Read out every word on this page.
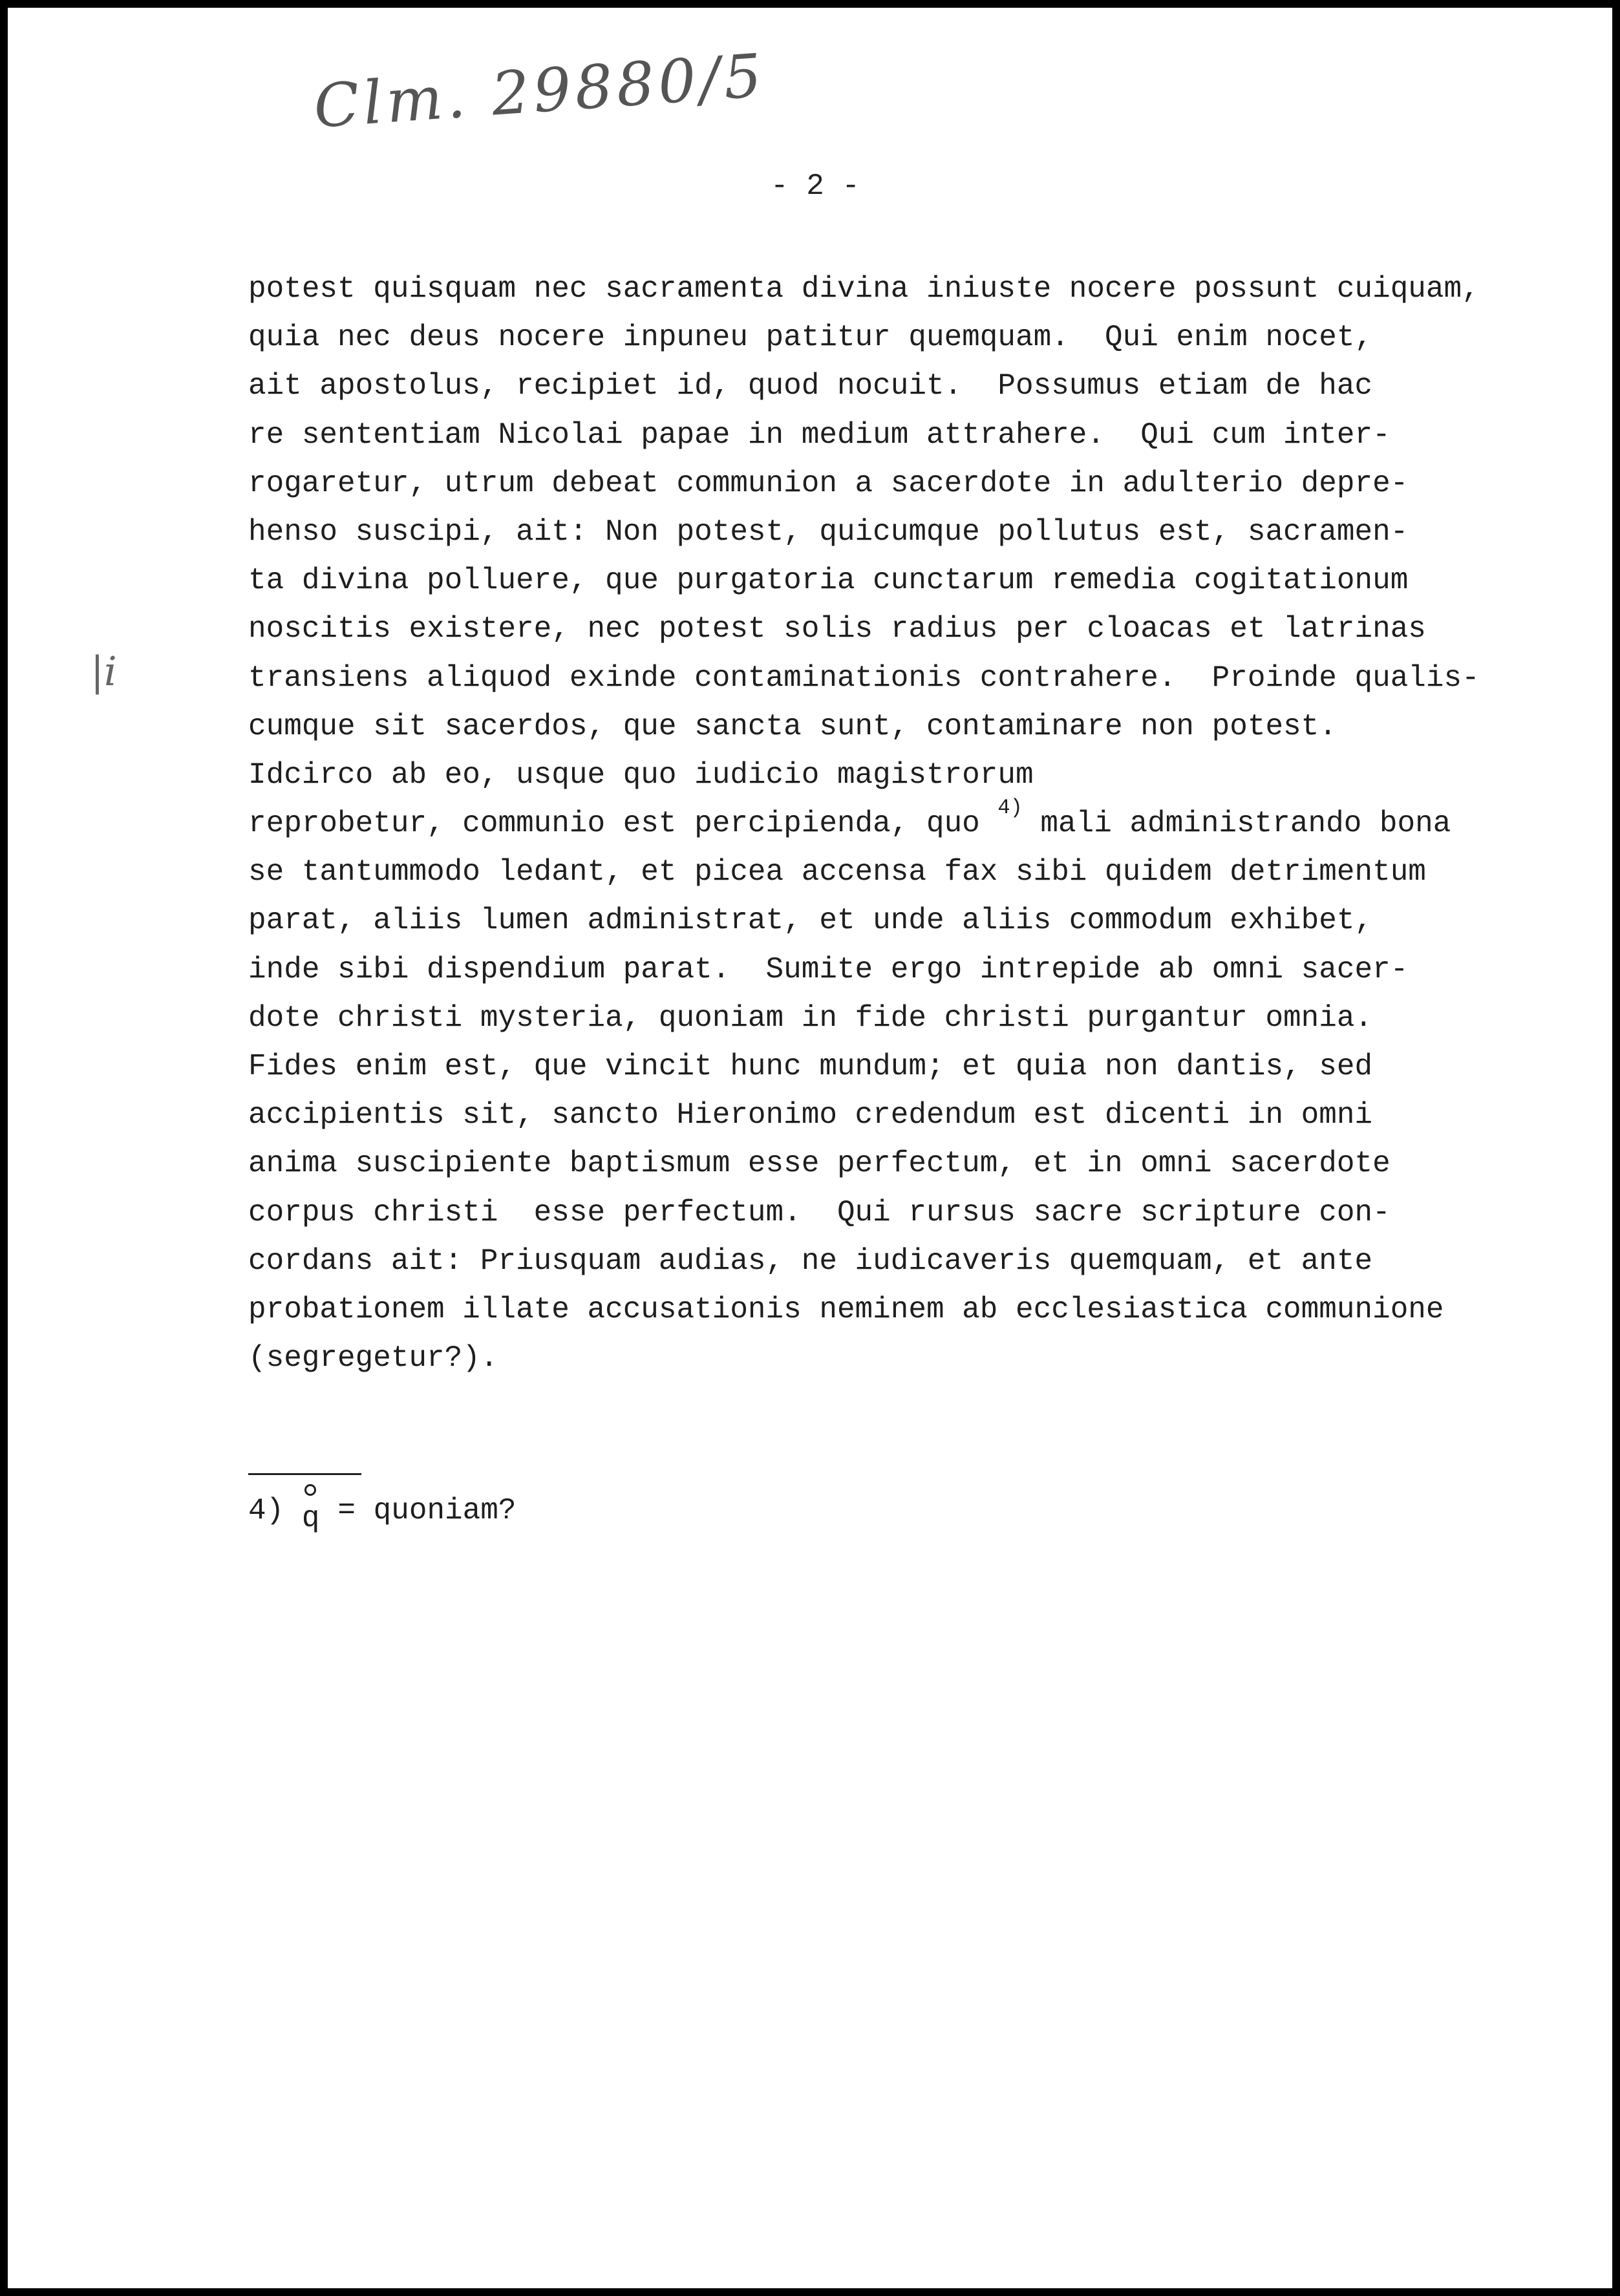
Clm. 29880/5
- 2 -
|i
potest quisquam nec sacramenta divina iniuste nocere possunt cuiquam,
quia nec deus nocere inpuneu patitur quemquam.  Qui enim nocet,
ait apostolus, recipiet id, quod nocuit.  Possumus etiam de hac
re sententiam Nicolai papae in medium attrahere.  Qui cum inter-
rogaretur, utrum debeat communion a sacerdote in adulterio depre-
henso suscipi, ait: Non potest, quicumque pollutus est, sacramen-
ta divina polluere, que purgatoria cunctarum remedia cogitationum
noscitis existere, nec potest solis radius per cloacas et latrinas
transiens aliquod exinde contaminationis contrahere.  Proinde qualis-
cumque sit sacerdos, que sancta sunt, contaminare non potest.
Idcirco ab eo, usque quo iudicio magistrorum
reprobetur, communio est percipienda, quo $^{4)}$ mali administrando bona
se tantummodo ledant, et picea accensa fax sibi quidem detrimentum
parat, aliis lumen administrat, et unde aliis commodum exhibet,
inde sibi dispendium parat.  Sumite ergo intrepide ab omni sacer-
dote christi mysteria, quoniam in fide christi purgantur omnia.
Fides enim est, que vincit hunc mundum; et quia non dantis, sed
accipientis sit, sancto Hieronimo credendum est dicenti in omni
anima suscipiente baptismum esse perfectum, et in omni sacerdote
corpus christi  esse perfectum.  Qui rursus sacre scripture con-
cordans ait: Priusquam audias, ne iudicaveris quemquam, et ante
probationem illate accusationis neminem ab ecclesiastica communione
(segregetur?).
4) q = quoniam?
